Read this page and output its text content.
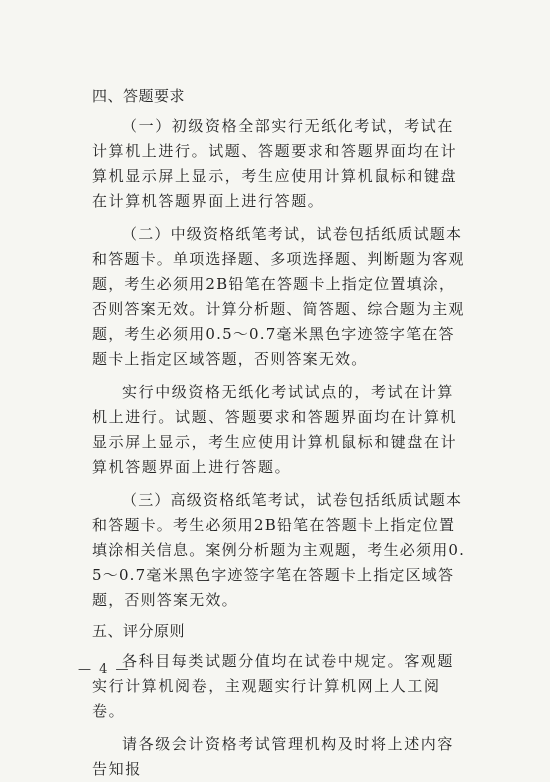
四、答题要求
（一）初级资格全部实行无纸化考试，考试在计算机上进行。试题、答题要求和答题界面均在计算机显示屏上显示，考生应使用计算机鼠标和键盘在计算机答题界面上进行答题。
（二）中级资格纸笔考试，试卷包括纸质试题本和答题卡。单项选择题、多项选择题、判断题为客观题，考生必须用2B铅笔在答题卡上指定位置填涂，否则答案无效。计算分析题、简答题、综合题为主观题，考生必须用0.5～0.7毫米黑色字迹签字笔在答题卡上指定区域答题，否则答案无效。
实行中级资格无纸化考试试点的，考试在计算机上进行。试题、答题要求和答题界面均在计算机显示屏上显示，考生应使用计算机鼠标和键盘在计算机答题界面上进行答题。
（三）高级资格纸笔考试，试卷包括纸质试题本和答题卡。考生必须用2B铅笔在答题卡上指定位置填涂相关信息。案例分析题为主观题，考生必须用0.5～0.7毫米黑色字迹签字笔在答题卡上指定区域答题，否则答案无效。
五、评分原则
各科目每类试题分值均在试卷中规定。客观题实行计算机阅卷，主观题实行计算机网上人工阅卷。
请各级会计资格考试管理机构及时将上述内容告知报
— 4 —
